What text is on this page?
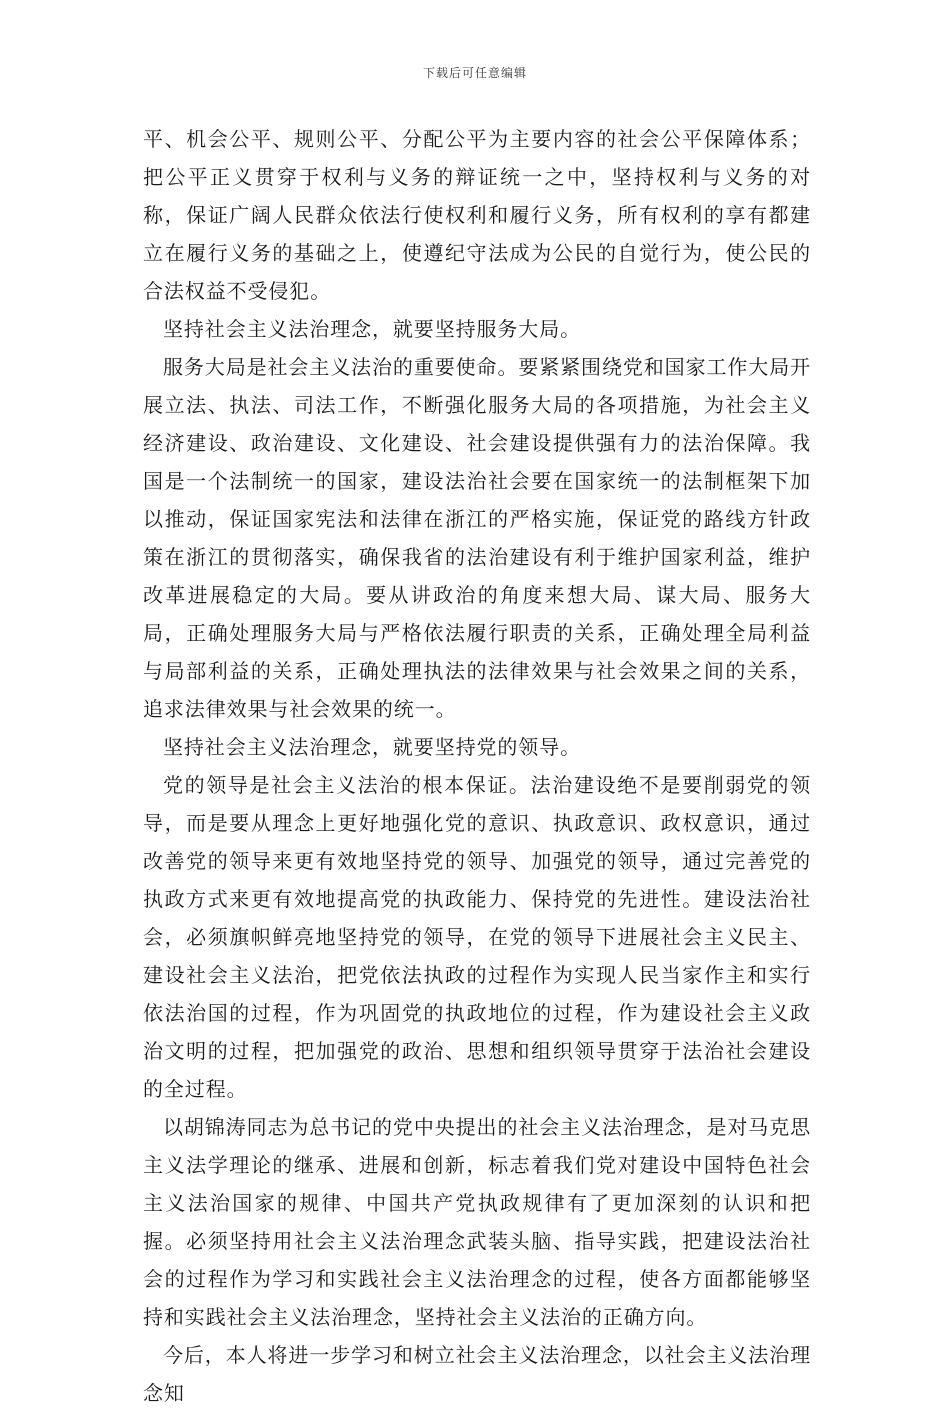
下载后可任意编辑

平、机会公平、规则公平、分配公平为主要内容的社会公平保障体系；把公平正义贯穿于权利与义务的辩证统一之中，坚持权利与义务的对称，保证广阔人民群众依法行使权利和履行义务，所有权利的享有都建立在履行义务的基础之上，使遵纪守法成为公民的自觉行为，使公民的合法权益不受侵犯。

坚持社会主义法治理念，就要坚持服务大局。

服务大局是社会主义法治的重要使命。要紧紧围绕党和国家工作大局开展立法、执法、司法工作，不断强化服务大局的各项措施，为社会主义经济建设、政治建设、文化建设、社会建设提供强有力的法治保障。我国是一个法制统一的国家，建设法治社会要在国家统一的法制框架下加以推动，保证国家宪法和法律在浙江的严格实施，保证党的路线方针政策在浙江的贯彻落实，确保我省的法治建设有利于维护国家利益，维护改革进展稳定的大局。要从讲政治的角度来想大局、谋大局、服务大局，正确处理服务大局与严格依法履行职责的关系，正确处理全局利益与局部利益的关系，正确处理执法的法律效果与社会效果之间的关系，追求法律效果与社会效果的统一。

坚持社会主义法治理念，就要坚持党的领导。

党的领导是社会主义法治的根本保证。法治建设绝不是要削弱党的领导，而是要从理念上更好地强化党的意识、执政意识、政权意识，通过改善党的领导来更有效地坚持党的领导、加强党的领导，通过完善党的执政方式来更有效地提高党的执政能力、保持党的先进性。建设法治社会，必须旗帜鲜亮地坚持党的领导，在党的领导下进展社会主义民主、建设社会主义法治，把党依法执政的过程作为实现人民当家作主和实行依法治国的过程，作为巩固党的执政地位的过程，作为建设社会主义政治文明的过程，把加强党的政治、思想和组织领导贯穿于法治社会建设的全过程。

以胡锦涛同志为总书记的党中央提出的社会主义法治理念，是对马克思主义法学理论的继承、进展和创新，标志着我们党对建设中国特色社会主义法治国家的规律、中国共产党执政规律有了更加深刻的认识和把握。必须坚持用社会主义法治理念武装头脑、指导实践，把建设法治社会的过程作为学习和实践社会主义法治理念的过程，使各方面都能够坚持和实践社会主义法治理念，坚持社会主义法治的正确方向。

今后，本人将进一步学习和树立社会主义法治理念，以社会主义法治理念知
